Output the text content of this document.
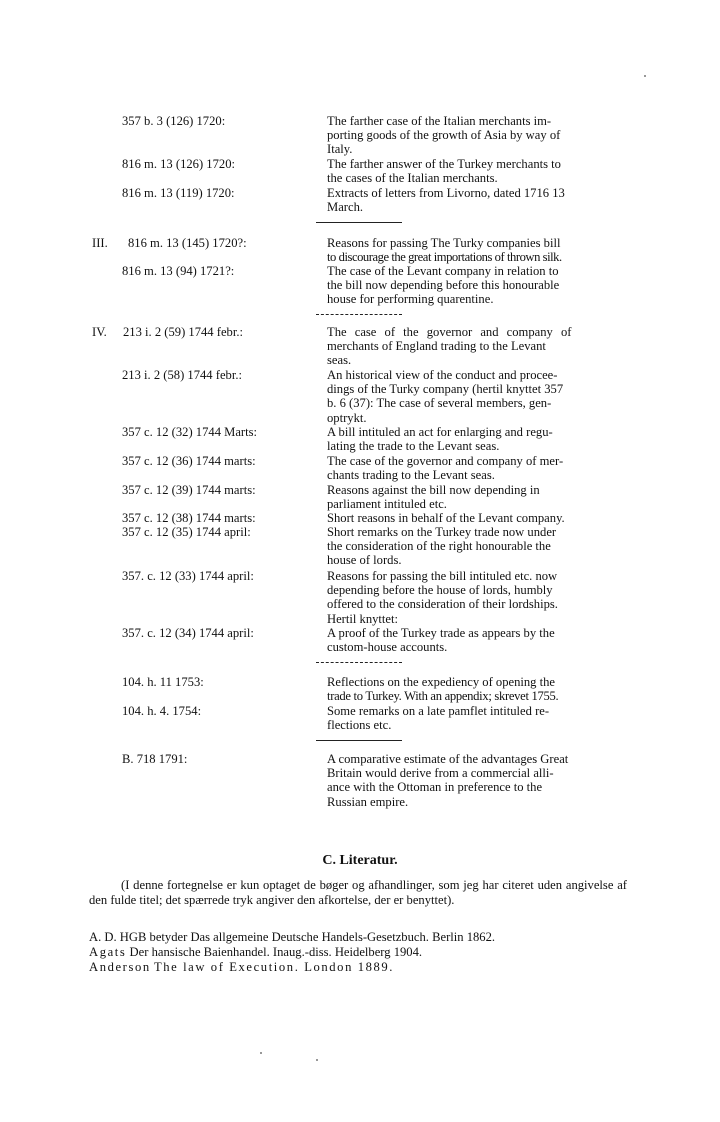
357 b. 3 (126) 1720:	The farther case of the Italian merchants im-
porting goods of the growth of Asia by way of
Italy.
816 m. 13 (126) 1720:	The farther answer of the Turkey merchants to
the cases of the Italian merchants.
816 m. 13 (119) 1720:	Extracts of letters from Livorno, dated 1716 13
March.
III. 816 m. 13 (145) 1720?:	Reasons for passing The Turky companies bill
to discourage the great importations of thrown silk.
816 m. 13 (94) 1721?:	The case of the Levant company in relation to
the bill now depending before this honourable
house for performing quarentine.
IV. 213 i. 2 (59) 1744 febr.:	The case of the governor and company of
merchants of England trading to the Levant
seas.
213 i. 2 (58) 1744 febr.:	An historical view of the conduct and procee-
dings of the Turky company (hertil knyttet 357
b. 6 (37): The case of several members, gen-
optrykt.
357 c. 12 (32) 1744 Marts:	A bill intituled an act for enlarging and regu-
lating the trade to the Levant seas.
357 c. 12 (36) 1744 marts:	The case of the governor and company of mer-
chants trading to the Levant seas.
357 c. 12 (39) 1744 marts:	Reasons against the bill now depending in
parliament intituled etc.
357 c. 12 (38) 1744 marts:	Short reasons in behalf of the Levant company.
357 c. 12 (35) 1744 april:	Short remarks on the Turkey trade now under
the consideration of the right honourable the
house of lords.
357. c. 12 (33) 1744 april:	Reasons for passing the bill intituled etc. now
depending before the house of lords, humbly
offered to the consideration of their lordships.
Hertil knyttet:
357. c. 12 (34) 1744 april:	A proof of the Turkey trade as appears by the
custom-house accounts.
104. h. 11 1753:	Reflections on the expediency of opening the
trade to Turkey. With an appendix; skrevet 1755.
104. h. 4. 1754:	Some remarks on a late pamflet intituled re-
flections etc.
B. 718 1791:	A comparative estimate of the advantages Great
Britain would derive from a commercial alli-
ance with the Ottoman in preference to the
Russian empire.
C. Literatur.
(I denne fortegnelse er kun optaget de bøger og afhandlinger, som jeg har citeret uden angivelse af den fulde titel; det spærrede tryk angiver den afkortelse, der er benyttet).
A. D. HGB betyder Das allgemeine Deutsche Handels-Gesetzbuch. Berlin 1862.
Agats Der hansische Baienhandel. Inaug.-diss. Heidelberg 1904.
Anderson The law of Execution. London 1889.
